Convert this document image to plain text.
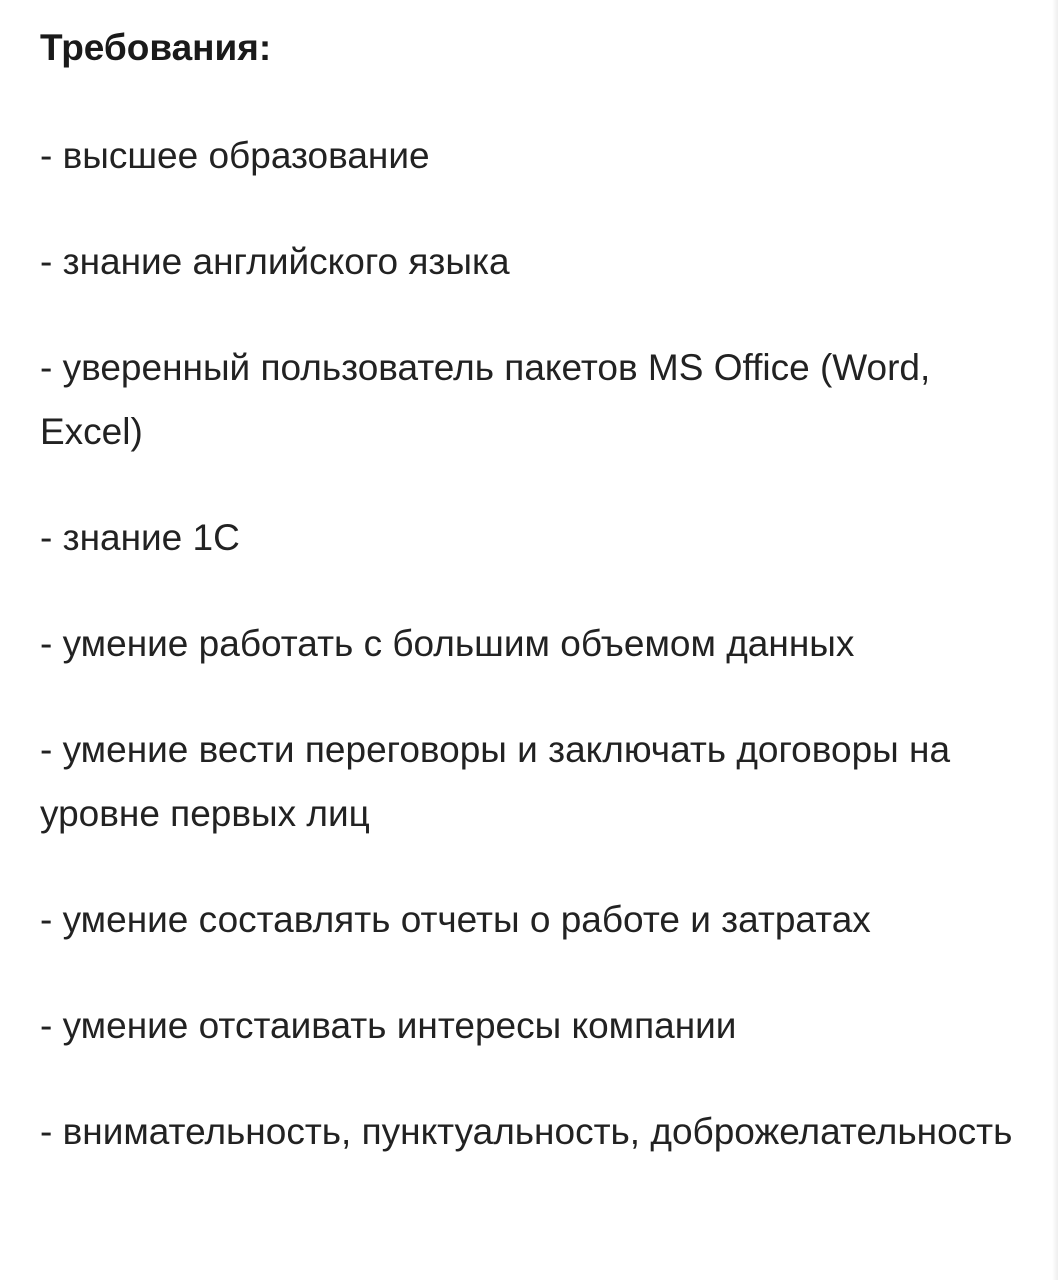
Требования:
- высшее образование
- знание английского языка
- уверенный пользователь пакетов MS Office (Word, Excel)
- знание 1С
- умение работать с большим объемом данных
- умение вести переговоры и заключать договоры на уровне первых лиц
- умение составлять отчеты о работе и затратах
- умение отстаивать интересы компании
- внимательность, пунктуальность, доброжелательность
